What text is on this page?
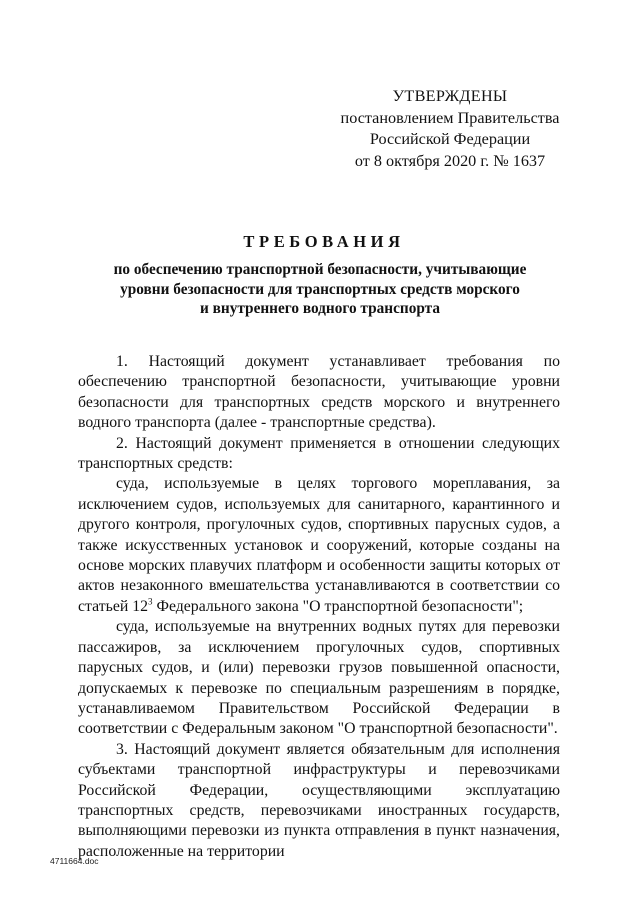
УТВЕРЖДЕНЫ
постановлением Правительства
Российской Федерации
от 8 октября 2020 г. № 1637
ТРЕБОВАНИЯ
по обеспечению транспортной безопасности, учитывающие
уровни безопасности для транспортных средств морского
и внутреннего водного транспорта

1. Настоящий документ устанавливает требования по обеспечению транспортной безопасности, учитывающие уровни безопасности для транспортных средств морского и внутреннего водного транспорта (далее - транспортные средства).

2. Настоящий документ применяется в отношении следующих транспортных средств:

суда, используемые в целях торгового мореплавания, за исключением судов, используемых для санитарного, карантинного и другого контроля, прогулочных судов, спортивных парусных судов, а также искусственных установок и сооружений, которые созданы на основе морских плавучих платформ и особенности защиты которых от актов незаконного вмешательства устанавливаются в соответствии со статьей $12^3$ Федерального закона "О транспортной безопасности";

суда, используемые на внутренних водных путях для перевозки пассажиров, за исключением прогулочных судов, спортивных парусных судов, и (или) перевозки грузов повышенной опасности, допускаемых к перевозке по специальным разрешениям в порядке, устанавливаемом Правительством Российской Федерации в соответствии с Федеральным законом "О транспортной безопасности".

3. Настоящий документ является обязательным для исполнения субъектами транспортной инфраструктуры и перевозчиками Российской Федерации, осуществляющими эксплуатацию транспортных средств, перевозчиками иностранных государств, выполняющими перевозки из пункта отправления в пункт назначения, расположенные на территории

4711664.doc
